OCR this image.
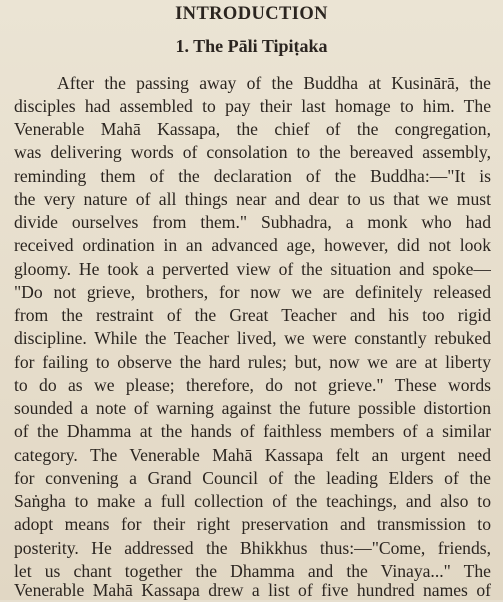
INTRODUCTION
1. The Pāli Tipiṭaka
After the passing away of the Buddha at Kusinārā, the
disciples had assembled to pay their last homage to him. The
Venerable Mahā Kassapa, the chief of the congregation,
was delivering words of consolation to the bereaved assembly,
reminding them of the declaration of the Buddha:—"It is
the very nature of all things near and dear to us that we must
divide ourselves from them." Subhadra, a monk who had
received ordination in an advanced age, however, did not look
gloomy. He took a perverted view of the situation and spoke—
"Do not grieve, brothers, for now we are definitely released
from the restraint of the Great Teacher and his too rigid
discipline. While the Teacher lived, we were constantly rebuked
for failing to observe the hard rules; but, now we are at liberty
to do as we please; therefore, do not grieve." These words
sounded a note of warning against the future possible distortion
of the Dhamma at the hands of faithless members of a similar
category. The Venerable Mahā Kassapa felt an urgent need
for convening a Grand Council of the leading Elders of the
Saṅgha to make a full collection of the teachings, and also to
adopt means for their right preservation and transmission to
posterity. He addressed the Bhikkhus thus:—"Come, friends,
let us chant together the Dhamma and the Vinaya..." The
Venerable Mahā Kassapa drew a list of five hundred names of
